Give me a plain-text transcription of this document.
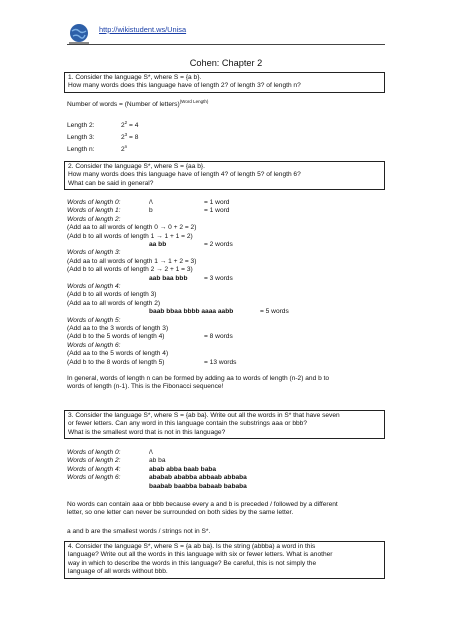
http://wikistudent.ws/Unisa
Cohen: Chapter 2
1. Consider the language S*, where S = {a b}.
How many words does this language have of length 2? of length 3? of length n?
Number of words = (Number of letters)$^{(Word Length)}$
Length 2:	$2^2 = 4$
Length 3:	$2^3 = 8$
Length n:	2$^n$
2. Consider the language S*, where S = {aa b}.
How many words does this language have of length 4? of length 5? of length 6?
What can be said in general?
Words of length 0:	/\	= 1 word
Words of length 1:	b	= 1 word
Words of length 2:
(Add aa to all words of length 0 → 0 + 2 = 2)
(Add b to all words of length 1 → 1 + 1 = 2)
aa bb	= 2 words
Words of length 3:
(Add aa to all words of length 1 → 1 + 2 = 3)
(Add b to all words of length 2 → 2 + 1 = 3)
aab baa bbb	= 3 words
Words of length 4:
(Add b to all words of length 3)
(Add aa to all words of length 2)
baab bbaa bbbb aaaa aabb	= 5 words
Words of length 5:
(Add aa to the 3 words of length 3)
(Add b to the 5 words of length 4)	= 8 words
Words of length 6:
(Add aa to the 5 words of length 4)
(Add b to the 8 words of length 5)	= 13 words
In general, words of length n can be formed by adding aa to words of length (n-2) and b to
words of length (n-1). This is the Fibonacci sequence!
3. Consider the language S*, where S = {ab ba}. Write out all the words in S* that have seven
or fewer letters. Can any word in this language contain the substrings aaa or bbb?
What is the smallest word that is not in this language?
Words of length 0:	/\
Words of length 2:	ab ba
Words of length 4:	abab abba baab baba
Words of length 6:	ababab ababba abbaab abbaba
baabab baabba babaab bababa
No words can contain aaa or bbb because every a and b is preceded / followed by a different
letter, so one letter can never be surrounded on both sides by the same letter.
a and b are the smallest words / strings not in S*.
4. Consider the language S*, where S = {a ab ba}. Is the string (abbba) a word in this
language? Write out all the words in this language with six or fewer letters. What is another
way in which to describe the words in this language? Be careful, this is not simply the
language of all words without bbb.
